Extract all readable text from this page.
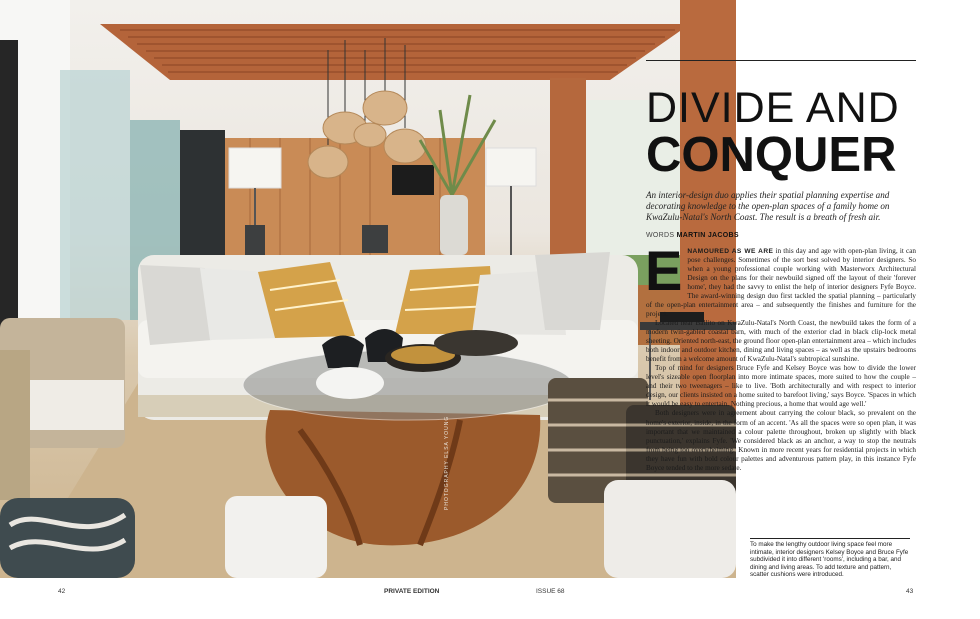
PHOTOGRAPHY ELSA YOUNG
DIVIDE AND
CONQUER
An interior-design duo applies their spatial planning expertise and decorating knowledge to the open-plan spaces of a family home on KwaZulu-Natal's North Coast. The result is a breath of fresh air.
WORDS MARTIN JACOBS

ENAMOURED AS WE ARE in this day and age with open-plan living, it can pose challenges. Sometimes of the sort best solved by interior designers. So when a young professional couple working with Masterworx Architectural Design on the plans for their newbuild signed off the layout of their 'forever home', they had the savvy to enlist the help of interior designers Fyfe Boyce. The award-winning design duo first tackled the spatial planning – particularly of the open-plan entertainment area – and subsequently the finishes and furniture for the project.

Located near Ballito on KwaZulu-Natal's North Coast, the newbuild takes the form of a modern twin-gabled coastal barn, with much of the exterior clad in black clip-lock metal sheeting. Oriented north-east, the ground floor open-plan entertainment area – which includes both indoor and outdoor kitchen, dining and living spaces – as well as the upstairs bedrooms benefit from a welcome amount of KwaZulu-Natal's subtropical sunshine.

Top of mind for designers Bruce Fyfe and Kelsey Boyce was how to divide the lower level's sizeable open floorplan into more intimate spaces, more suited to how the couple – and their two tweenagers – like to live. 'Both architecturally and with respect to interior design, our clients insisted on a home suited to barefoot living,' says Boyce. 'Spaces in which it would be easy to entertain. Nothing precious, a home that would age well.'

Both designers were in agreement about carrying the colour black, so prevalent on the home's exterior, inside, in the form of an accent. 'As all the spaces were so open plan, it was important that we maintained a colour palette throughout, broken up slightly with black punctuation,' explains Fyfe. 'We considered black as an anchor, a way to stop the neutrals from being too overwhelming.' Known in more recent years for residential projects in which they have fun with bold colour palettes and adventurous pattern play, in this instance Fyfe Boyce tended to the more sedate.

To make the lengthy outdoor living space feel more intimate, interior designers Kelsey Boyce and Bruce Fyfe subdivided it into different 'rooms', including a bar, and dining and living areas. To add texture and pattern, scatter cushions were introduced.
42	PRIVATE EDITION	ISSUE 68	43
